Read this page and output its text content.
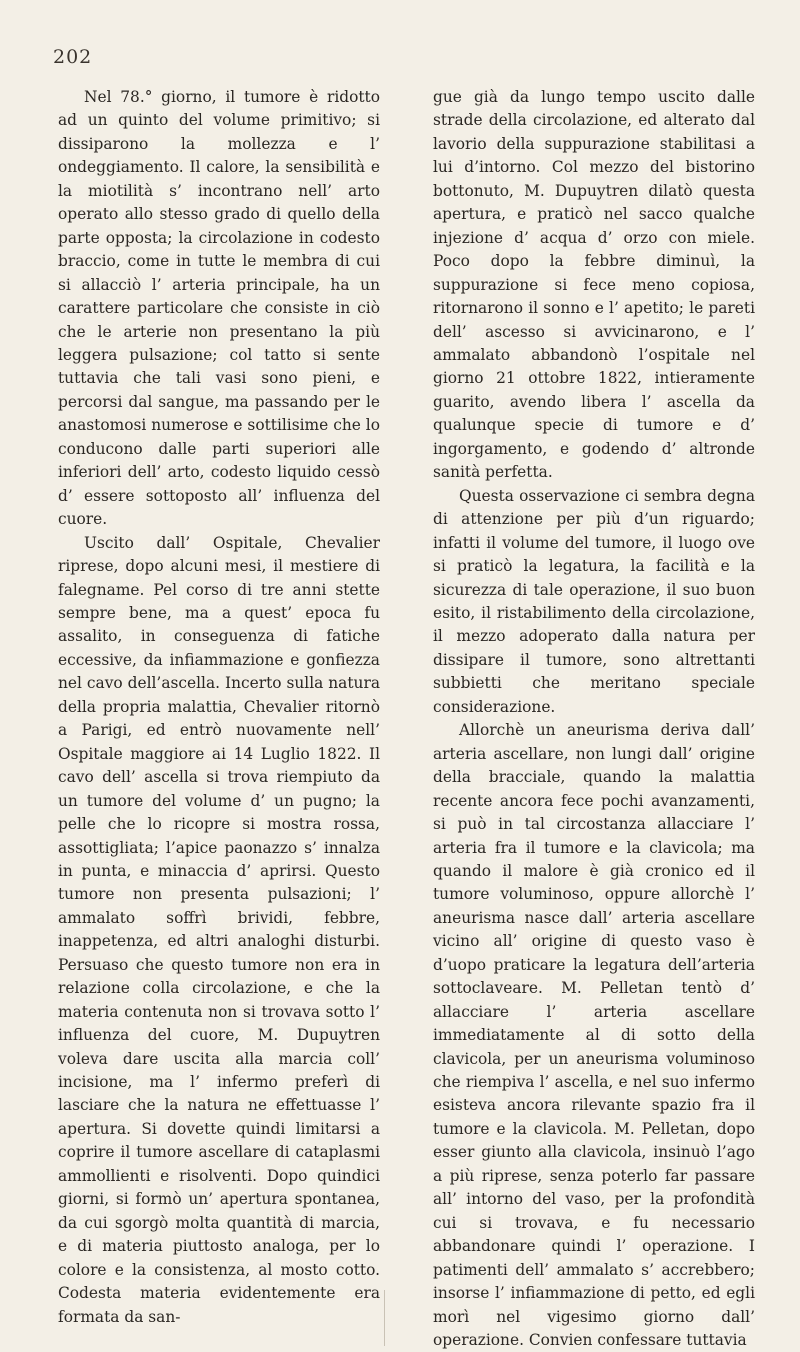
202

Nel 78.° giorno, il tumore è ridotto ad un quinto del volume primitivo; si dissiparono la mollezza e l’ ondeggiamento. Il calore, la sensibilità e la miotilità s’ incontrano nell’ arto operato allo stesso grado di quello della parte opposta; la circolazione in codesto braccio, come in tutte le membra di cui si allacciò l’ arteria principale, ha un carattere particolare che consiste in ciò che le arterie non presentano la più leggera pulsazione; col tatto si sente tuttavia che tali vasi sono pieni, e percorsi dal sangue, ma passando per le anastomosi numerose e sottilisime che lo conducono dalle parti superiori alle inferiori dell’ arto, codesto liquido cessò d’ essere sottoposto all’ influenza del cuore.

Uscito dall’ Ospitale, Chevalier riprese, dopo alcuni mesi, il mestiere di falegname. Pel corso di tre anni stette sempre bene, ma a quest’ epoca fu assalito, in conseguenza di fatiche eccessive, da infiammazione e gonfiezza nel cavo dell’ascella. Incerto sulla natura della propria malattia, Chevalier ritornò a Parigi, ed entrò nuovamente nell’ Ospitale maggiore ai 14 Luglio 1822. Il cavo dell’ ascella si trova riempiuto da un tumore del volume d’ un pugno; la pelle che lo ricopre si mostra rossa, assottigliata; l’apice paonazzo s’ innalza in punta, e minaccia d’ aprirsi. Questo tumore non presenta pulsazioni; l’ ammalato soffrì brividi, febbre, inappetenza, ed altri analoghi disturbi. Persuaso che questo tumore non era in relazione colla circolazione, e che la materia contenuta non si trovava sotto l’ influenza del cuore, M. Dupuytren voleva dare uscita alla marcia coll’ incisione, ma l’ infermo preferì di lasciare che la natura ne effettuasse l’ apertura. Si dovette quindi limitarsi a coprire il tumore ascellare di cataplasmi ammollienti e risolventi. Dopo quindici giorni, si formò un’ apertura spontanea, da cui sgorgò molta quantità di marcia, e di materia piuttosto analoga, per lo colore e la consistenza, al mosto cotto. Codesta materia evidentemente era formata da san-

gue già da lungo tempo uscito dalle strade della circolazione, ed alterato dal lavorio della suppurazione stabilitasi a lui d’intorno. Col mezzo del bistorino bottonuto, M. Dupuytren dilatò questa apertura, e praticò nel sacco qualche injezione d’ acqua d’ orzo con miele. Poco dopo la febbre diminuì, la suppurazione si fece meno copiosa, ritornarono il sonno e l’ apetito; le pareti dell’ ascesso si avvicinarono, e l’ ammalato abbandonò l’ospitale nel giorno 21 ottobre 1822, intieramente guarito, avendo libera l’ ascella da qualunque specie di tumore e d’ ingorgamento, e godendo d’ altronde sanità perfetta.

Questa osservazione ci sembra degna di attenzione per più d’un riguardo; infatti il volume del tumore, il luogo ove si praticò la legatura, la facilità e la sicurezza di tale operazione, il suo buon esito, il ristabilimento della circolazione, il mezzo adoperato dalla natura per dissipare il tumore, sono altrettanti subbietti che meritano speciale considerazione.

Allorchè un aneurisma deriva dall’ arteria ascellare, non lungi dall’ origine della bracciale, quando la malattia recente ancora fece pochi avanzamenti, si può in tal circostanza allacciare l’ arteria fra il tumore e la clavicola; ma quando il malore è già cronico ed il tumore voluminoso, oppure allorchè l’ aneurisma nasce dall’ arteria ascellare vicino all’ origine di questo vaso è d’uopo praticare la legatura dell’arteria sottoclaveare. M. Pelletan tentò d’ allacciare l’ arteria ascellare immediatamente al di sotto della clavicola, per un aneurisma voluminoso che riempiva l’ ascella, e nel suo infermo esisteva ancora rilevante spazio fra il tumore e la clavicola. M. Pelletan, dopo esser giunto alla clavicola, insinuò l’ago a più riprese, senza poterlo far passare all’ intorno del vaso, per la profondità cui si trovava, e fu necessario abbandonare quindi l’ operazione. I patimenti dell’ ammalato s’ accrebbero; insorse l’ infiammazione di petto, ed egli morì nel vigesimo giorno dall’ operazione. Convien confessare tuttavia
